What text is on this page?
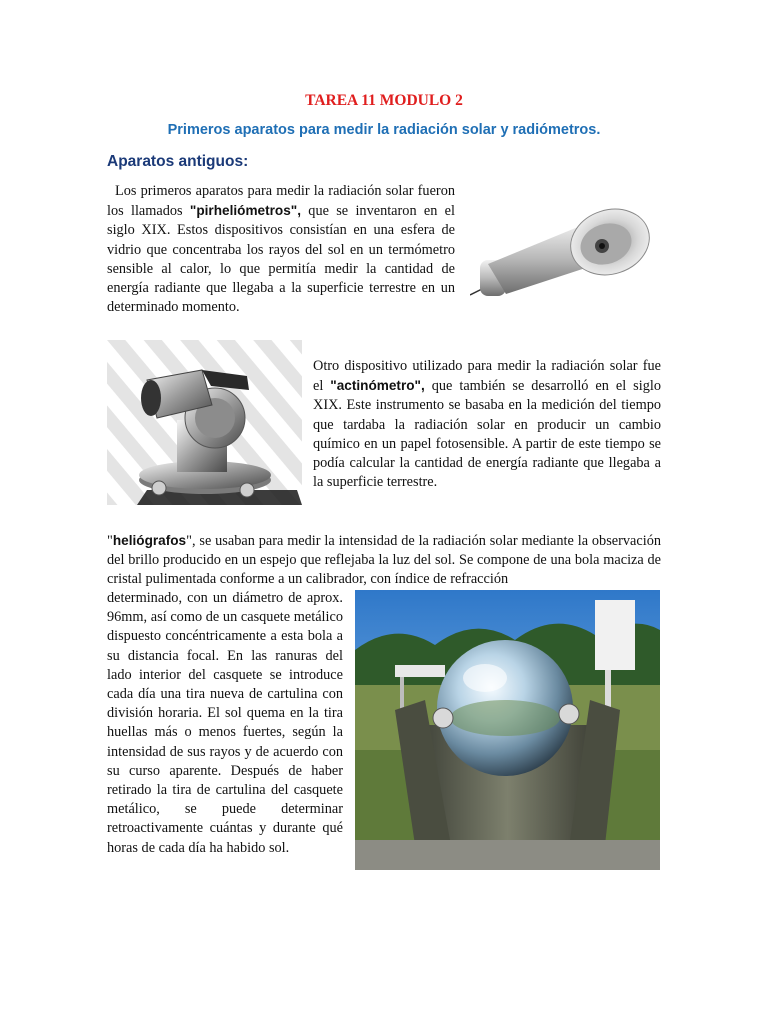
TAREA 11 MODULO 2
Primeros aparatos para medir la radiación solar y radiómetros.
Aparatos antiguos:
Los primeros aparatos para medir la radiación solar fueron los llamados "pirheliómetros", que se inventaron en el siglo XIX. Estos dispositivos consistían en una esfera de vidrio que concentraba los rayos del sol en un termómetro sensible al calor, lo que permitía medir la cantidad de energía radiante que llegaba a la superficie terrestre en un determinado momento.
Otro dispositivo utilizado para medir la radiación solar fue el "actinómetro", que también se desarrolló en el siglo XIX. Este instrumento se basaba en la medición del tiempo que tardaba la radiación solar en producir un cambio químico en un papel fotosensible. A partir de este tiempo se podía calcular la cantidad de energía radiante que llegaba a la superficie terrestre.
"heliógrafos", se usaban para medir la intensidad de la radiación solar mediante la observación del brillo producido en un espejo que reflejaba la luz del sol. Se compone de una bola maciza de cristal pulimentada conforme a un calibrador, con índice de refracción
determinado, con un diámetro de aprox. 96mm, así como de un casquete metálico dispuesto concéntricamente a esta bola a su distancia focal. En las ranuras del lado interior del casquete se introduce cada día una tira nueva de cartulina con división horaria. El sol quema en la tira huellas más o menos fuertes, según la intensidad de sus rayos y de acuerdo con su curso aparente. Después de haber retirado la tira de cartulina del casquete metálico, se puede determinar retroactivamente cuántas y durante qué horas de cada día ha habido sol.
